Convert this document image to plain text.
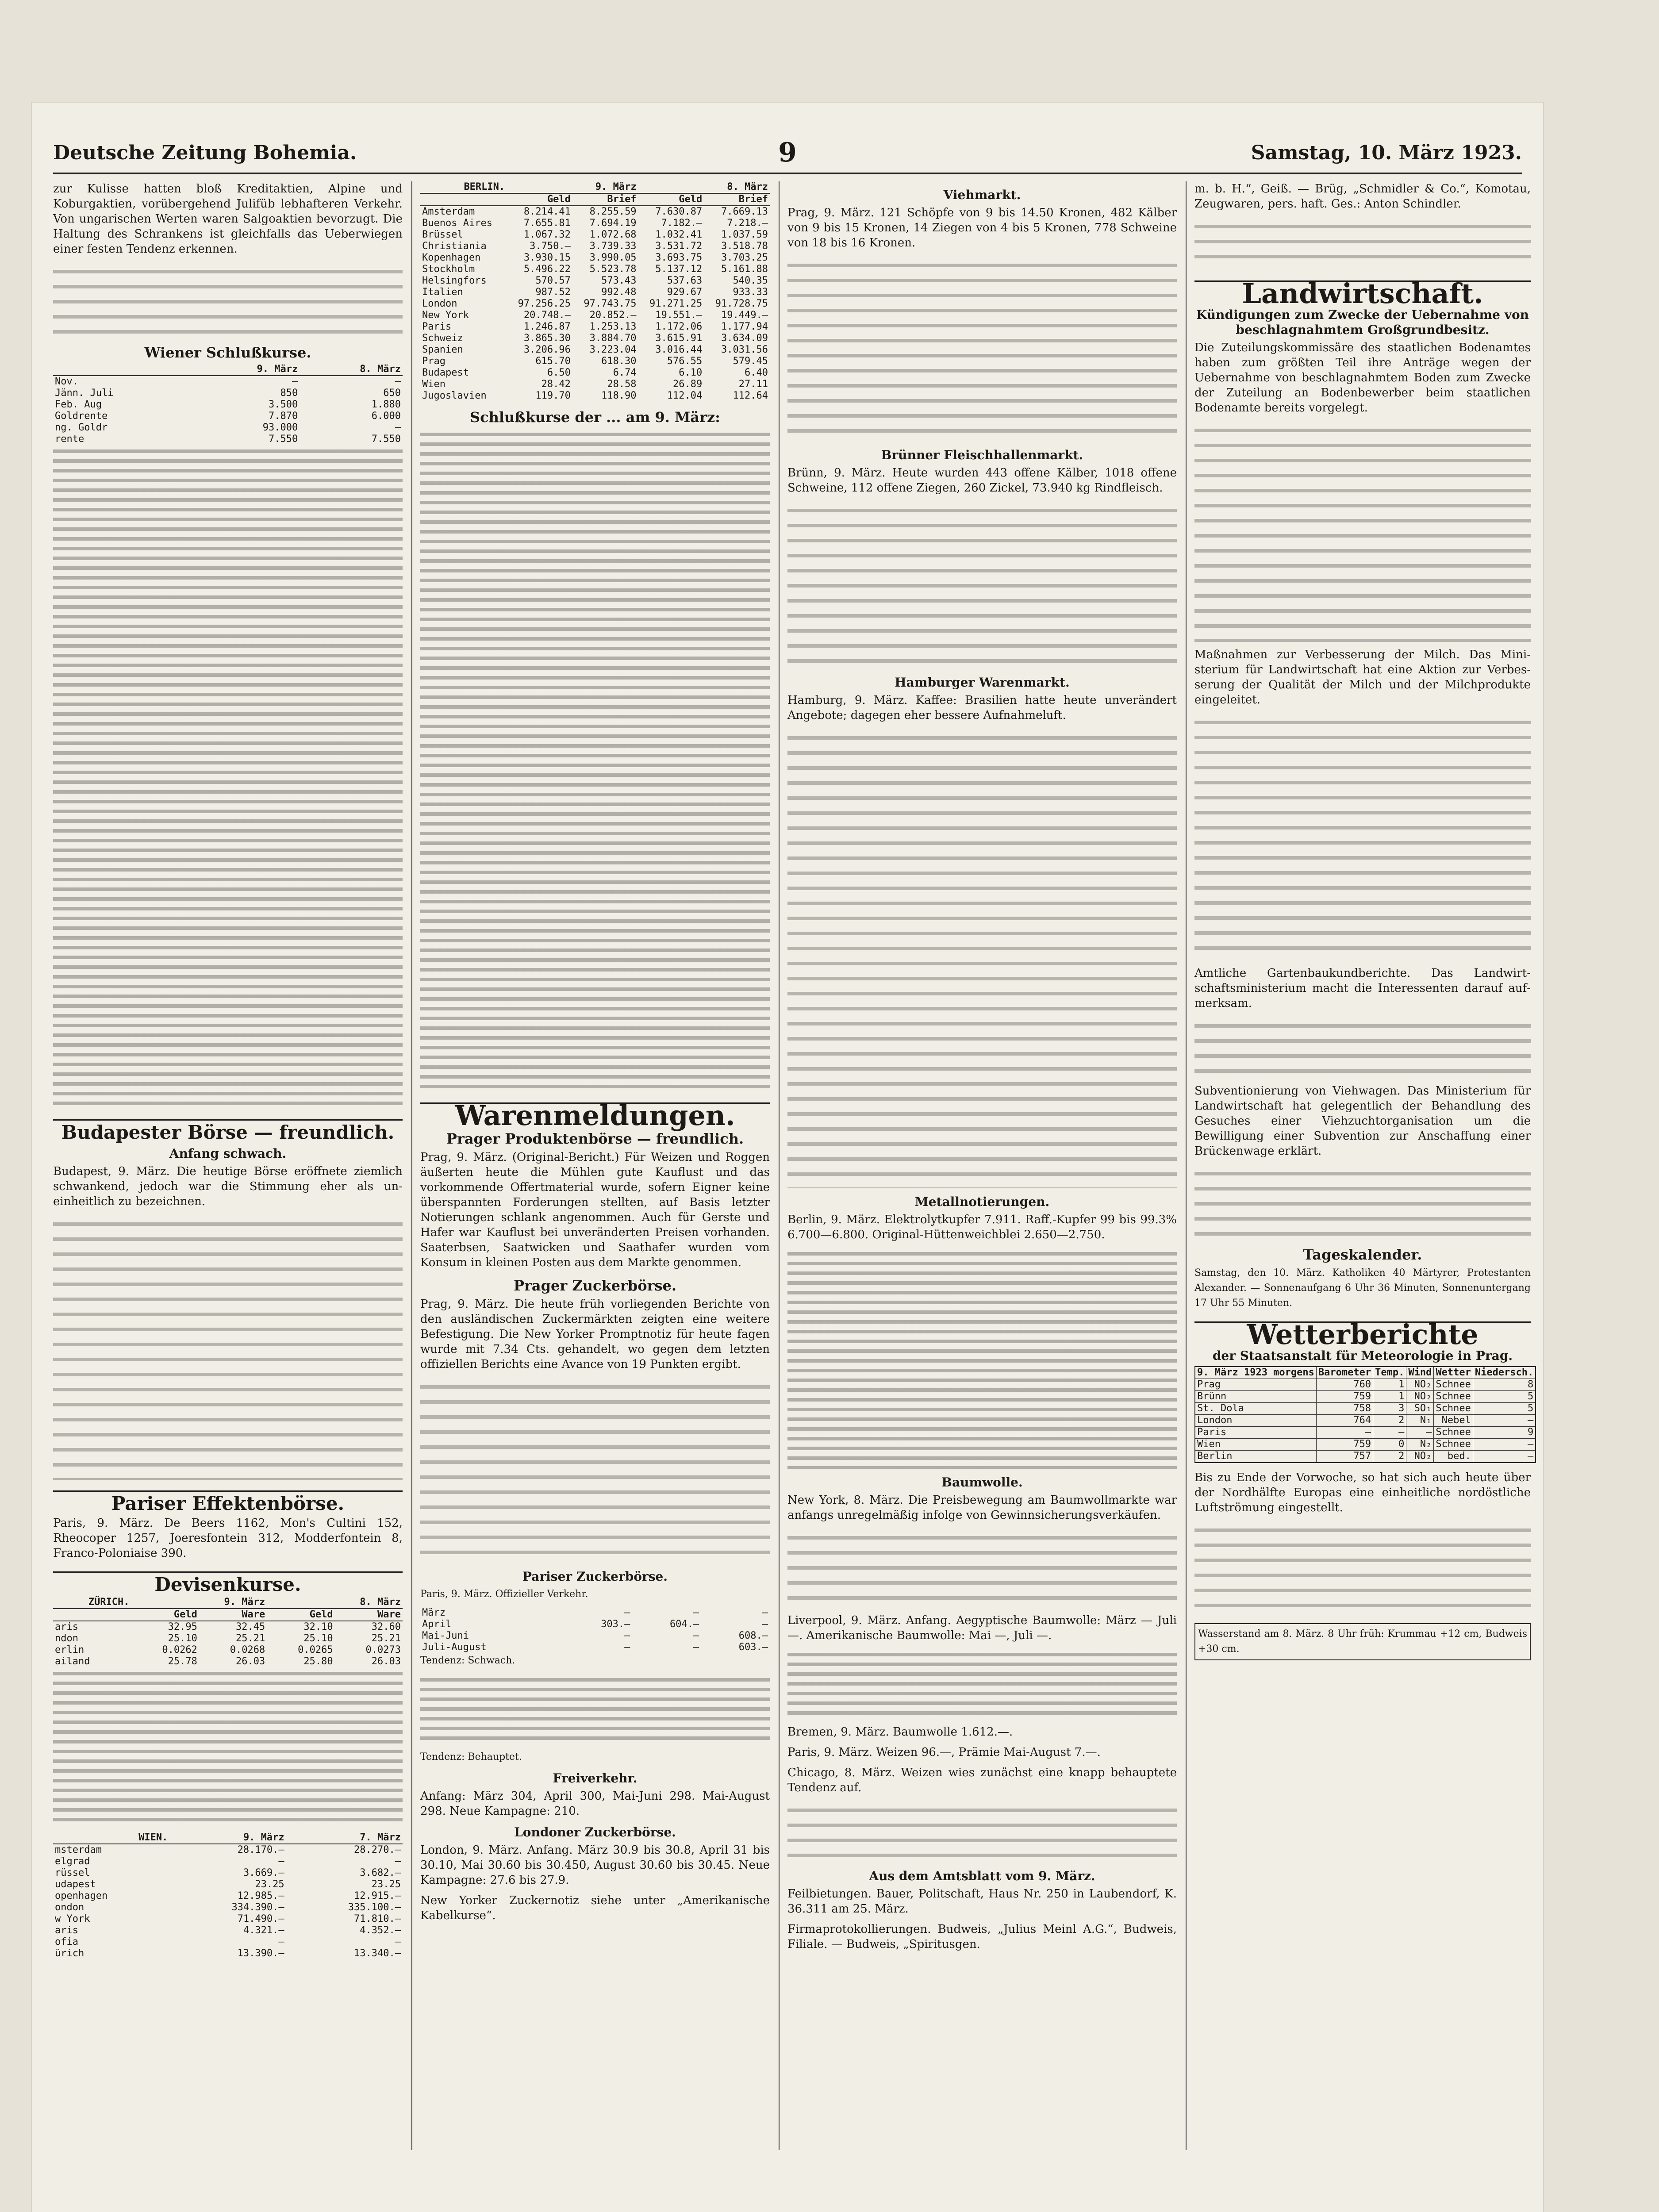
Deutsche Zeitung Bohemia.	9	Samstag, 10. März 1923.

zur Kulisse hatten bloß Kreditaktien, Alpine und Koburgaktien, vorübergehend Julifüb lebhafteren Verkehr. Von ungarischen Werten waren Salgoaktien bevorzugt. Die Haltung des Schrankens ist gleichfalls das Ueberwiegen einer festen Tendenz erkennen.

Wiener Schlußkurse.
	9. März	8. März
Nov.	—	—
Jänn. Juli	850	650
Feb. Aug	3.500	1.880
Goldrente	7.870	6.000
ng. Goldr	93.000	—
rente	7.550	7.550
Budapester Börse — freundlich.
Anfang schwach.

Budapest, 9. März. Die heutige Börse eröffnete ziemlich schwankend, jedoch war die Stimmung eher als uneinheitlich zu bezeichnen.

Pariser Effektenbörse.

Paris, 9. März. De Beers 1162, Mon's Cultini 152, Rheocoper 1257, Joeresfontein 312, Modderfontein 8, Franco-Poloniaise 390.

Devisenkurse.
ZÜRICH.	9. März		8. März	
	Geld	Ware	Geld	Ware
aris	32.95	32.45	32.10	32.60
ndon	25.10	25.21	25.10	25.21
erlin	0.0262	0.0268	0.0265	0.0273
ailand	25.78	26.03	25.80	26.03
WIEN.	9. März	7. März
msterdam	28.170.—	28.270.—
elgrad	—	—
rüssel	3.669.—	3.682.—
udapest	23.25	23.25
openhagen	12.985.—	12.915.—
ondon	334.390.—	335.100.—
w York	71.490.—	71.810.—
aris	4.321.—	4.352.—
ofia	—	—
ürich	13.390.—	13.340.—
BERLIN.	9. März		8. März	
	Geld	Brief	Geld	Brief
Amsterdam	8.214.41	8.255.59	7.630.87	7.669.13
Buenos Aires	7.655.81	7.694.19	7.182.—	7.218.—
Brüssel	1.067.32	1.072.68	1.032.41	1.037.59
Christiania	3.750.—	3.739.33	3.531.72	3.518.78
Kopenhagen	3.930.15	3.990.05	3.693.75	3.703.25
Stockholm	5.496.22	5.523.78	5.137.12	5.161.88
Helsingfors	570.57	573.43	537.63	540.35
Italien	987.52	992.48	929.67	933.33
London	97.256.25	97.743.75	91.271.25	91.728.75
New York	20.748.—	20.852.—	19.551.—	19.449.—
Paris	1.246.87	1.253.13	1.172.06	1.177.94
Schweiz	3.865.30	3.884.70	3.615.91	3.634.09
Spanien	3.206.96	3.223.04	3.016.44	3.031.56
Prag	615.70	618.30	576.55	579.45
Budapest	6.50	6.74	6.10	6.40
Wien	28.42	28.58	26.89	27.11
Jugoslavien	119.70	118.90	112.04	112.64
Schlußkurse der ... am 9. März:
Warenmeldungen.
Prager Produktenbörse — freundlich.

Prag, 9. März. (Original-Bericht.) Für Weizen und Roggen äußerten heute die Mühlen gute Kauflust und das vorkommende Offertmaterial wurde, sofern Eigner keine überspannten Forderungen stellten, auf Basis letzter Notierungen schlank angenommen. Auch für Gerste und Hafer war Kauflust bei unveränderten Preisen vorhanden. Saaterbsen, Saatwicken und Saathafer wurden vom Konsum in kleinen Posten aus dem Markte genommen.

Prager Zuckerbörse.

Prag, 9. März. Die heute früh vorliegenden Berichte von den ausländischen Zuckermärkten zeigten eine weitere Befestigung. Die New Yorker Promptnotiz für heute fagen wurde mit 7.34 Cts. gehandelt, wo gegen dem letzten offiziellen Berichts eine Avance von 19 Punkten ergibt.

Pariser Zuckerbörse.

Paris, 9. März. Offizieller Verkehr.

März	—	—	—
April	303.—	604.—	—
Mai-Juni	—	—	608.—
Juli-August	—	—	603.—

Tendenz: Schwach.

Tendenz: Behauptet.

Freiverkehr.

Anfang: März 304, April 300, Mai-Juni 298. Mai-August 298. Neue Kampagne: 210.

Londoner Zuckerbörse.

London, 9. März. Anfang. März 30.9 bis 30.8, April 31 bis 30.10, Mai 30.60 bis 30.450, August 30.60 bis 30.45. Neue Kampagne: 27.6 bis 27.9.

New Yorker Zuckernotiz siehe unter „Amerikanische Kabelkurse“.

Viehmarkt.

Prag, 9. März. 121 Schöpfe von 9 bis 14.50 Kronen, 482 Kälber von 9 bis 15 Kronen, 14 Ziegen von 4 bis 5 Kronen, 778 Schweine von 18 bis 16 Kronen.

Brünner Fleischhallenmarkt.

Brünn, 9. März. Heute wurden 443 offene Kälber, 1018 offene Schweine, 112 offene Ziegen, 260 Zickel, 73.940 kg Rindfleisch.

Hamburger Warenmarkt.

Hamburg, 9. März. Kaffee: Brasilien hatte heute unverändert Angebote; dagegen eher bessere Aufnahmeluft.

Metallnotierungen.

Berlin, 9. März. Elektrolytkupfer 7.911. Raff.-Kupfer 99 bis 99.3% 6.700—6.800. Original-Hüttenweichblei 2.650—2.750.

Baumwolle.

New York, 8. März. Die Preisbewegung am Baumwollmarkte war anfangs unregelmäßig infolge von Gewinnsicherungsverkäufen.

Liverpool, 9. März. Anfang. Aegyptische Baumwolle: März — Juli —. Amerikanische Baumwolle: Mai —, Juli —.

Bremen, 9. März. Baumwolle 1.612.—.

Paris, 9. März. Weizen 96.—, Prämie Mai-August 7.—.

Chicago, 8. März. Weizen wies zunächst eine knapp behauptete Tendenz auf.

Aus dem Amtsblatt vom 9. März.

Feilbietungen. Bauer, Politschaft, Haus Nr. 250 in Laubendorf, K. 36.311 am 25. März.

Firmaprotokollierungen. Budweis, „Julius Meinl A.G.“, Budweis, Filiale. — Budweis, „Spiritusgen.

m. b. H.“, Geiß. — Brüg, „Schmidler & Co.“, Komotau, Zeugwaren, pers. haft. Ges.: Anton Schindler.

Landwirtschaft.
Kündigungen zum Zwecke der Uebernahme von beschlagnahmtem Großgrundbesitz.

Die Zuteilungskommissäre des staatlichen Bodenamtes haben zum größten Teil ihre Anträge wegen der Uebernahme von beschlagnahmtem Boden zum Zwecke der Zuteilung an Bodenbewerber beim staatlichen Bodenamte bereits vorgelegt.

Maßnahmen zur Verbesserung der Milch. Das Ministerium für Landwirtschaft hat eine Aktion zur Verbesserung der Qualität der Milch und der Milchprodukte eingeleitet.

Amtliche Gartenbaukundberichte. Das Landwirtschaftsministerium macht die Interessenten darauf aufmerksam.

Subventionierung von Viehwagen. Das Ministerium für Landwirtschaft hat gelegentlich der Behandlung des Gesuches einer Viehzuchtorganisation um die Bewilligung einer Subvention zur Anschaffung einer Brückenwage erklärt.

Tageskalender.

Samstag, den 10. März. Katholiken 40 Märtyrer, Protestanten Alexander. — Sonnenaufgang 6 Uhr 36 Minuten, Sonnenuntergang 17 Uhr 55 Minuten.

Wetterberichte
der Staatsanstalt für Meteorologie in Prag.
9. März 1923 morgens	Barometer	Temp.	Wind	Wetter	Niedersch.
Prag	760	1	NO₂	Schnee	8
Brünn	759	1	NO₂	Schnee	5
St. Dola	758	3	SO₁	Schnee	5
London	764	2	N₁	Nebel	—
Paris	—	—	—	Schnee	9
Wien	759	0	N₂	Schnee	—
Berlin	757	2	NO₂	bed.	—

Bis zu Ende der Vorwoche, so hat sich auch heute über der Nordhälfte Europas eine einheitliche nordöstliche Luftströmung eingestellt.

Wasserstand am 8. März. 8 Uhr früh: Krummau +12 cm, Budweis +30 cm.
